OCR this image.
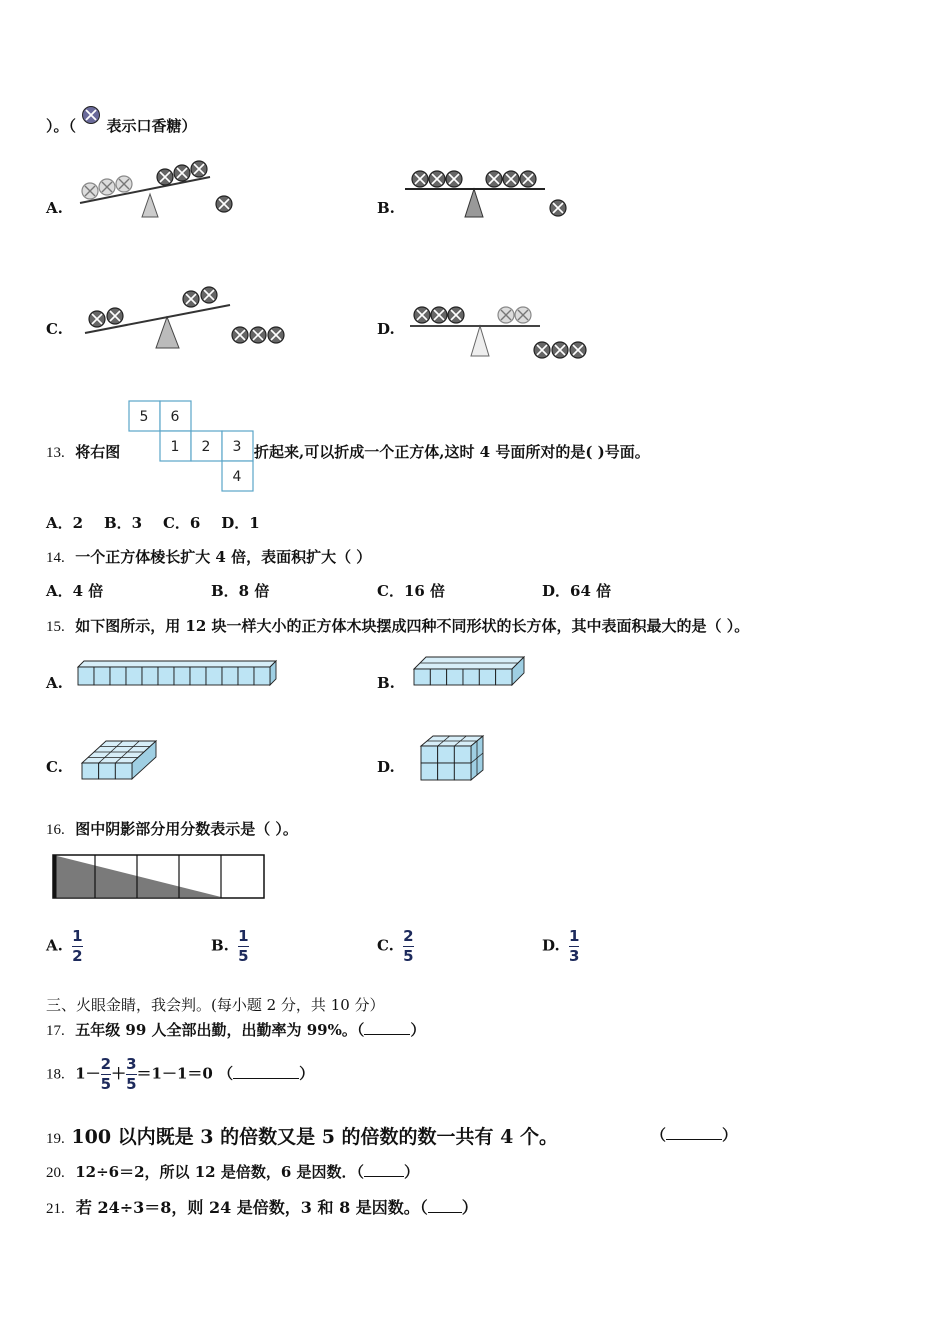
）。（ 表示口香糖）
A.	B.
C.	D.
13. 将右图
5 6
1 2 3
4
折起来,可以折成一个正方体,这时 4 号面所对的是( )号面。
A．2    B．3    C．6    D．1
14. 一个正方体棱长扩大 4 倍，表面积扩大（ ）
A．4 倍	B．8 倍	C．16 倍	D．64 倍
15. 如下图所示，用 12 块一样大小的正方体木块摆成四种不同形状的长方体，其中表面积最大的是（ ）。
A.	B.
C.	D.
16. 图中阴影部分用分数表示是（ ）。
A. $\frac{1}{2}$	B. $\frac{1}{5}$	C. $\frac{2}{5}$	D. $\frac{1}{3}$
三、火眼金睛，我会判。(每小题 2 分，共 10 分）
17. 五年级 99 人全部出勤，出勤率为 99%。（	）
18. $1- \frac{2}{5} + \frac{3}{5} =1-1=0$ （	）
19. 100 以内既是 3 的倍数又是 5 的倍数的数一共有 4 个。	（	）
20. 12÷6＝2，所以 12 是倍数，6 是因数．（	）
21. 若 24÷3＝8，则 24 是倍数，3 和 8 是因数。（ ）
